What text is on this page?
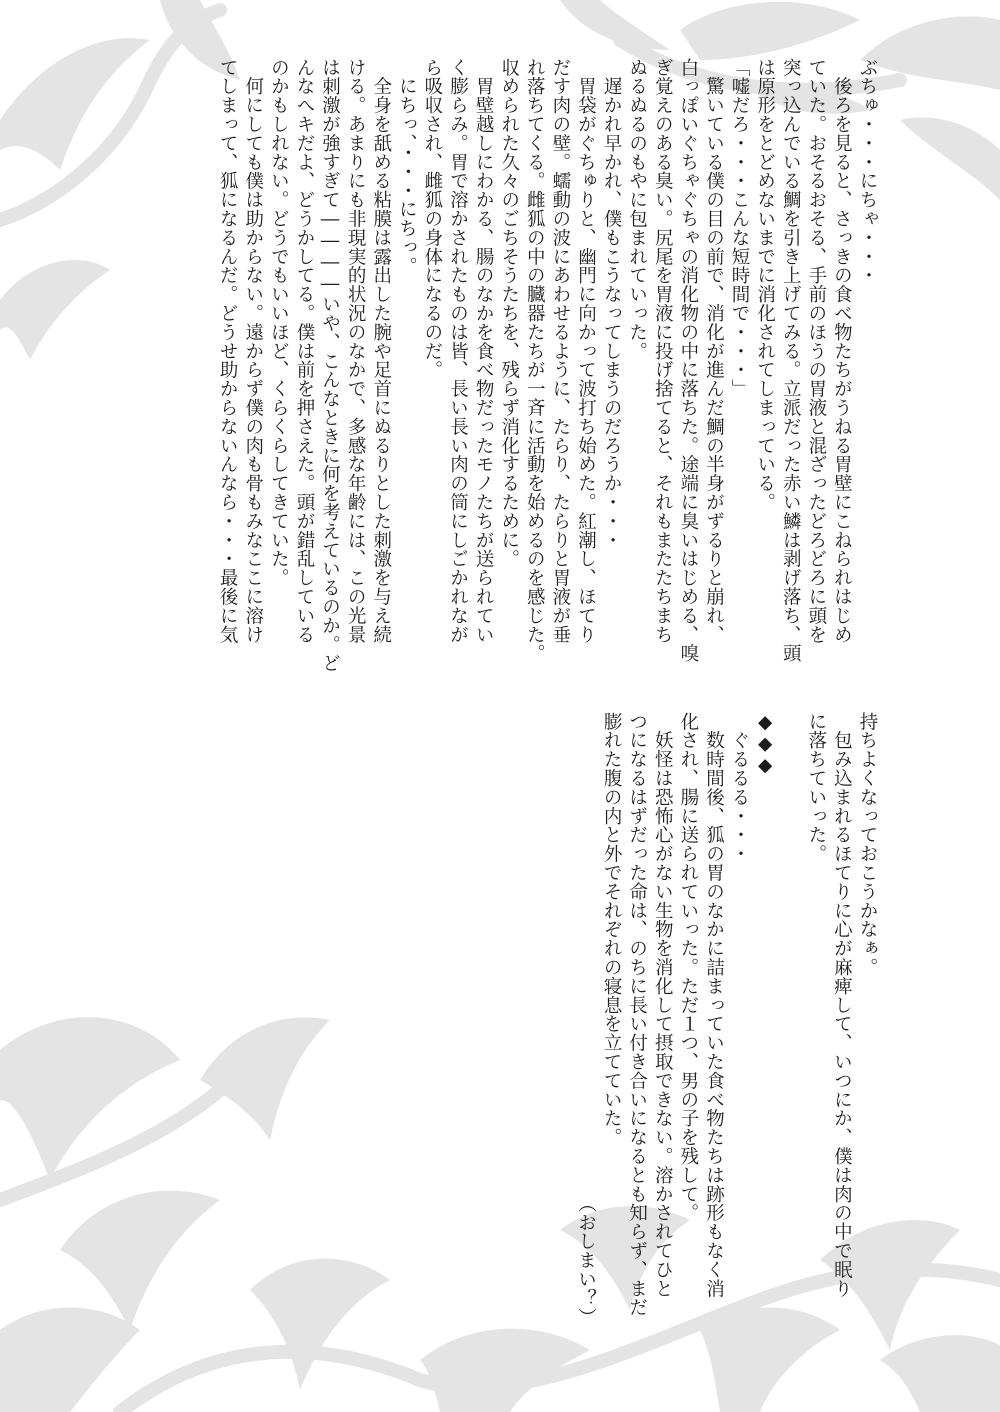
ぶちゅ・・・にちゃ・・・
　後ろを見ると、さっきの食べ物たちがうねる胃壁にこねられはじめ
ていた。おそるおそる、手前のほうの胃液と混ざったどろどろに頭を
突っ込んでいる鯛を引き上げてみる。立派だった赤い鱗は剥げ落ち、頭
は原形をとどめないまでに消化されてしまっている。
「嘘だろ・・・こんな短時間で・・・」
　驚いている僕の目の前で、消化が進んだ鯛の半身がずるりと崩れ、
白っぽいぐちゃぐちゃの消化物の中に落ちた。途端に臭いはじめる、嗅
ぎ覚えのある臭い。尻尾を胃液に投げ捨てると、それもまたたちまち
ぬるぬるのもやに包まれていった。
　遅かれ早かれ、僕もこうなってしまうのだろうか・・・
　胃袋がぐちゅりと、幽門に向かって波打ち始めた。紅潮し、ほてり
だす肉の壁。蠕動の波にあわせるように、たらり、たらりと胃液が垂
れ落ちてくる。雌狐の中の臓器たちが一斉に活動を始めるのを感じた。
収められた久々のごちそうたちを、残らず消化するために。
　胃壁越しにわかる、腸のなかを食べ物だったモノたちが送られてい
く膨らみ。胃で溶かされたものは皆、長い長い肉の筒にしごかれなが
ら吸収され、雌狐の身体になるのだ。
　にちっ、・・・にちっ。
　全身を舐める粘膜は露出した腕や足首にぬるりとした刺激を与え続
ける。あまりにも非現実的状況のなかで、多感な年齢には、この光景
は刺激が強すぎて――――いや、こんなときに何を考えているのか。ど
んなへキだよ、どうかしてる。僕は前を押さえた。頭が錯乱している
のかもしれない。どうでもいいほど、くらくらしてきていた。
　何にしても僕は助からない。遠からず僕の肉も骨もみなここに溶け
てしまって、狐になるんだ。どうせ助からないんなら・・・最後に気
持ちよくなっておこうかなぁ。
　包み込まれるほてりに心が麻痺して、いつにか、僕は肉の中で眠り
に落ちていった。

◆◆◆
　ぐるるる・・・
　数時間後、狐の胃のなかに詰まっていた食べ物たちは跡形もなく消
化され、腸に送られていった。ただ１つ、男の子を残して。
　妖怪は恐怖心がない生物を消化して摂取できない。溶かされてひと
つになるはずだった命は、のちに長い付き合いになるとも知らず、まだ
膨れた腹の内と外でそれぞれの寝息を立てていた。
　　　　　　　　　　　　　　　　　　　　　　　　　　（おしまい？）
